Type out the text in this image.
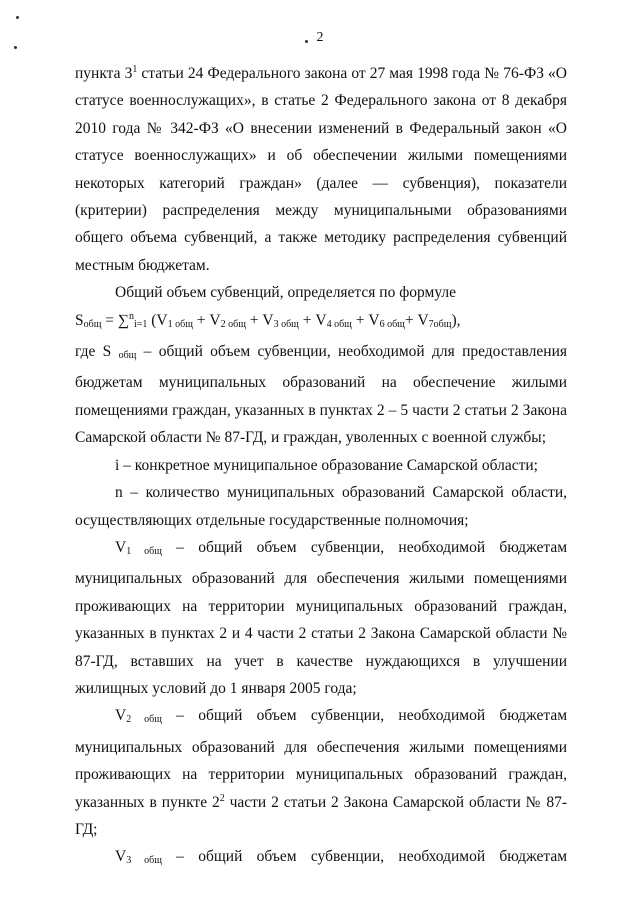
2

пункта $3^1$ статьи 24 Федерального закона от 27 мая 1998 года № 76-ФЗ «О статусе военнослужащих», в статье 2 Федерального закона от 8 декабря 2010 года № 342-ФЗ «О внесении изменений в Федеральный закон «О статусе военнослужащих» и об обеспечении жилыми помещениями некоторых категорий граждан» (далее — субвенция), показатели (критерии) распределения между муниципальными образованиями общего объема субвенций, а также методику распределения субвенций местным бюджетам.

Общий объем субвенций, определяется по формуле

$S_{общ} = \sum^n_{i=1}$ $(V_{1 общ} + V_{2 общ} + V_{3 общ} + V_{4 общ} + V_{6 общ}+ V_{7общ})$,

где S $_{общ}$ – общий объем субвенции, необходимой для предоставления бюджетам муниципальных образований на обеспечение жилыми помещениями граждан, указанных в пунктах 2 – 5 части 2 статьи 2 Закона Самарской области № 87-ГД, и граждан, уволенных с военной службы;

i – конкретное муниципальное образование Самарской области;

n – количество муниципальных образований Самарской области, осуществляющих отдельные государственные полномочия;

$V_{1 общ}$ – общий объем субвенции, необходимой бюджетам муниципальных образований для обеспечения жилыми помещениями проживающих на территории муниципальных образований граждан, указанных в пунктах 2 и 4 части 2 статьи 2 Закона Самарской области № 87-ГД, вставших на учет в качестве нуждающихся в улучшении жилищных условий до 1 января 2005 года;

$V_{2 общ}$ – общий объем субвенции, необходимой бюджетам муниципальных образований для обеспечения жилыми помещениями проживающих на территории муниципальных образований граждан, указанных в пункте $2^2$ части 2 статьи 2 Закона Самарской области № 87-ГД;

$V_{3 общ}$ – общий объем субвенции, необходимой бюджетам
